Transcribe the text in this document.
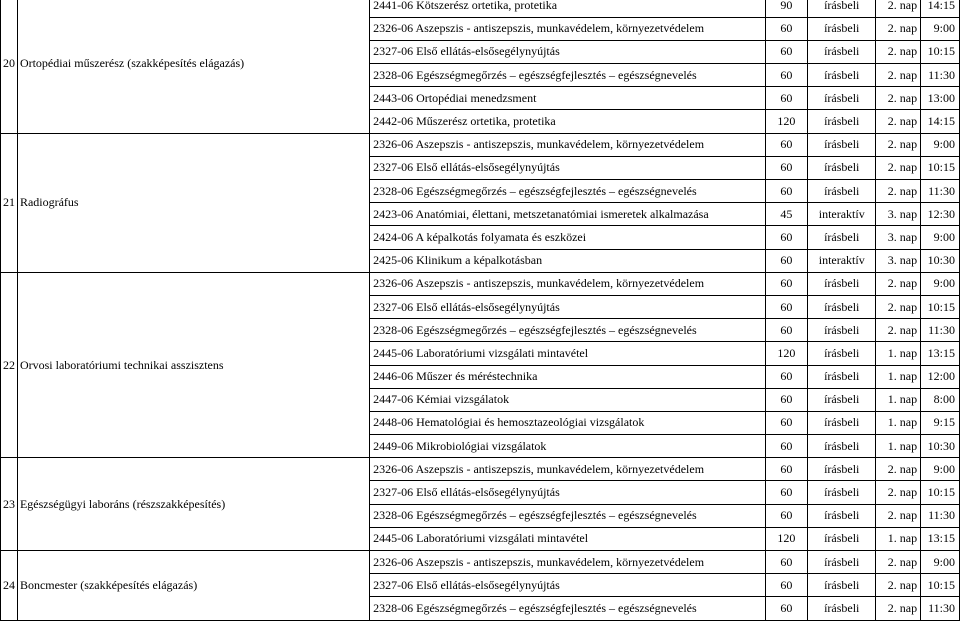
20	Ortopédiai műszerész (szakképesítés elágazás)	2441-06 Kötszerész ortetika, protetika	90	írásbeli	2. nap	14:15
		2326-06 Aszepszis - antiszepszis, munkavédelem, környezetvédelem	60	írásbeli	2. nap	9:00
		2327-06 Első ellátás-elsősegélynyújtás	60	írásbeli	2. nap	10:15
		2328-06 Egészségmegőrzés – egészségfejlesztés – egészségnevelés	60	írásbeli	2. nap	11:30
		2443-06 Ortopédiai menedzsment	60	írásbeli	2. nap	13:00
		2442-06 Műszerész ortetika, protetika	120	írásbeli	2. nap	14:15
21	Radiográfus	2326-06 Aszepszis - antiszepszis, munkavédelem, környezetvédelem	60	írásbeli	2. nap	9:00
		2327-06 Első ellátás-elsősegélynyújtás	60	írásbeli	2. nap	10:15
		2328-06 Egészségmegőrzés – egészségfejlesztés – egészségnevelés	60	írásbeli	2. nap	11:30
		2423-06 Anatómiai, élettani, metszetanatómiai ismeretek alkalmazása	45	interaktív	3. nap	12:30
		2424-06 A képalkotás folyamata és eszközei	60	írásbeli	3. nap	9:00
		2425-06 Klinikum a képalkotásban	60	interaktív	3. nap	10:30
22	Orvosi laboratóriumi technikai asszisztens	2326-06 Aszepszis - antiszepszis, munkavédelem, környezetvédelem	60	írásbeli	2. nap	9:00
		2327-06 Első ellátás-elsősegélynyújtás	60	írásbeli	2. nap	10:15
		2328-06 Egészségmegőrzés – egészségfejlesztés – egészségnevelés	60	írásbeli	2. nap	11:30
		2445-06 Laboratóriumi vizsgálati mintavétel	120	írásbeli	1. nap	13:15
		2446-06 Műszer és méréstechnika	60	írásbeli	1. nap	12:00
		2447-06 Kémiai vizsgálatok	60	írásbeli	1. nap	8:00
		2448-06 Hematológiai és hemosztazeológiai vizsgálatok	60	írásbeli	1. nap	9:15
		2449-06 Mikrobiológiai vizsgálatok	60	írásbeli	1. nap	10:30
23	Egészségügyi laboráns (részszakképesítés)	2326-06 Aszepszis - antiszepszis, munkavédelem, környezetvédelem	60	írásbeli	2. nap	9:00
		2327-06 Első ellátás-elsősegélynyújtás	60	írásbeli	2. nap	10:15
		2328-06 Egészségmegőrzés – egészségfejlesztés – egészségnevelés	60	írásbeli	2. nap	11:30
		2445-06 Laboratóriumi vizsgálati mintavétel	120	írásbeli	1. nap	13:15
24	Boncmester (szakképesítés elágazás)	2326-06 Aszepszis - antiszepszis, munkavédelem, környezetvédelem	60	írásbeli	2. nap	9:00
		2327-06 Első ellátás-elsősegélynyújtás	60	írásbeli	2. nap	10:15
		2328-06 Egészségmegőrzés – egészségfejlesztés – egészségnevelés	60	írásbeli	2. nap	11:30
